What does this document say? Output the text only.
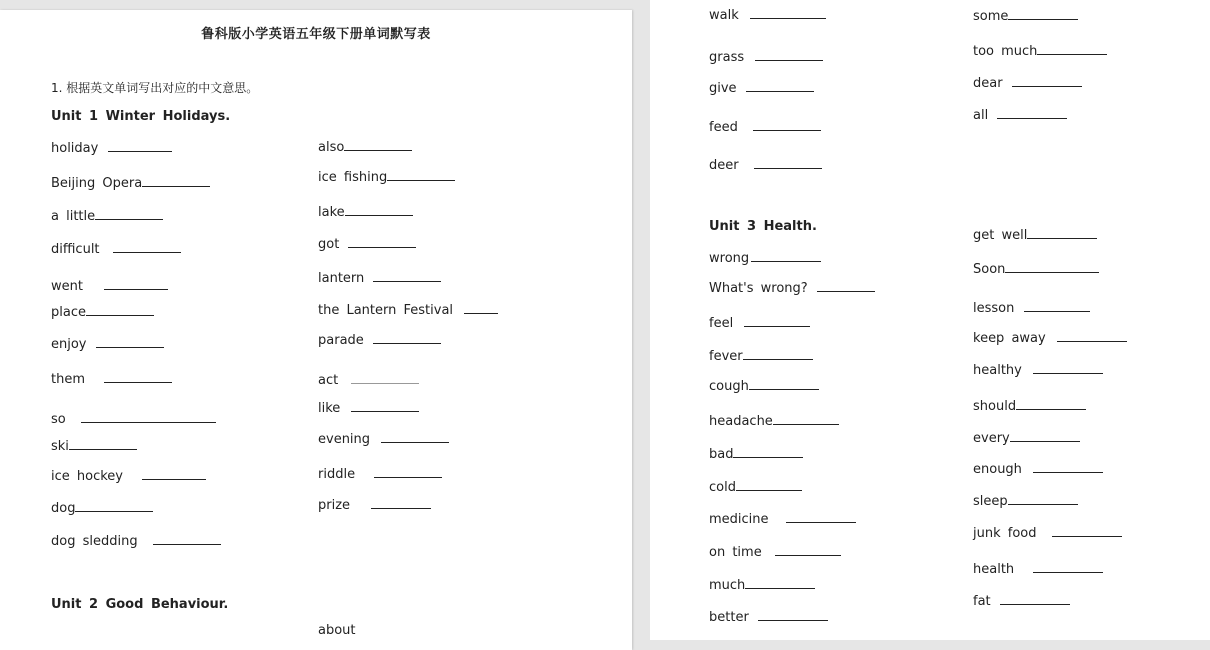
鲁科版小学英语五年级下册单词默写表
1. 根据英文单词写出对应的中文意思。
Unit 1 Winter Holidays.
holiday
Beijing Opera
a little
difficult
went
place
enjoy
them
so
ski
ice hockey
dog
dog sledding
also
ice fishing
lake
got
lantern
the Lantern Festival
parade
act
like
evening
riddle
prize
Unit 2 Good Behaviour.
about
walk
grass
give
feed
deer
some
too much
dear
all
Unit 3 Health.
wrong
What's wrong?
feel
fever
cough
headache
bad
cold
medicine
on time
much
better
get well
Soon
lesson
keep away
healthy
should
every
enough
sleep
junk food
health
fat
